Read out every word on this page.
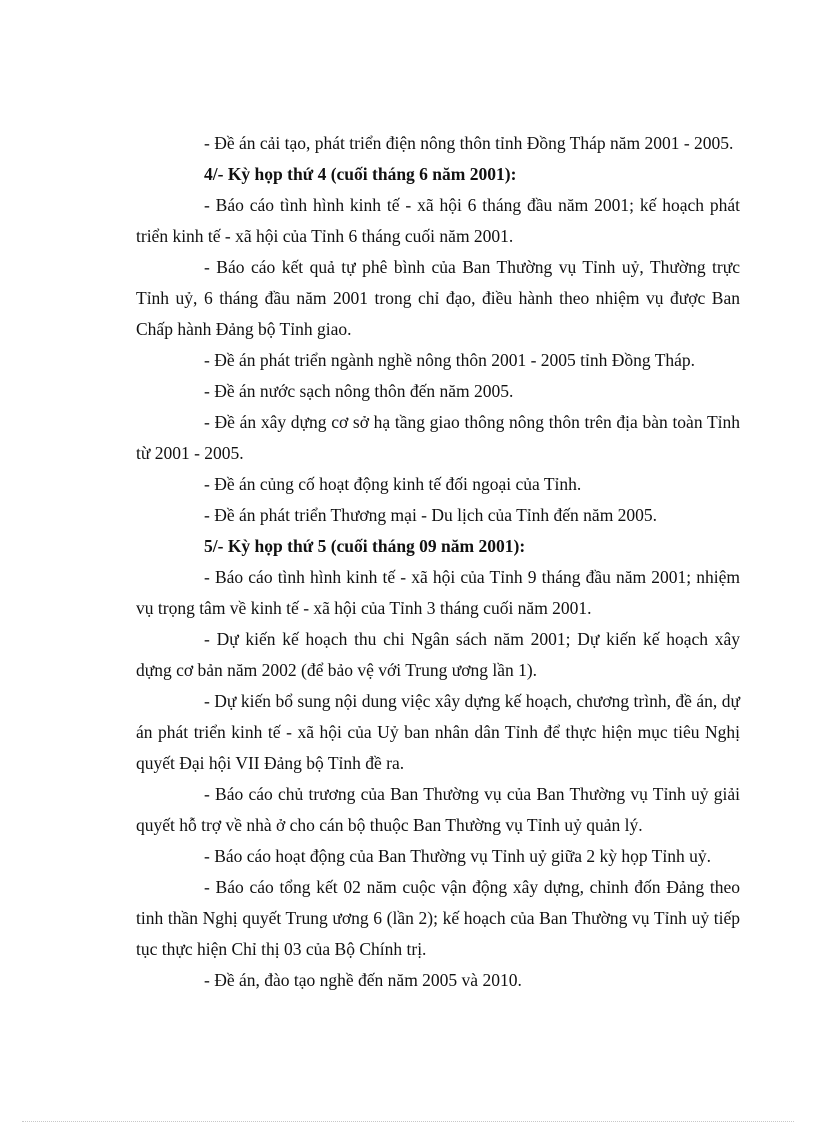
- Đề án cải tạo, phát triển điện nông thôn tỉnh Đồng Tháp năm 2001 - 2005.

4/- Kỳ họp thứ 4 (cuối tháng 6 năm 2001):

- Báo cáo tình hình kinh tế - xã hội 6 tháng đầu năm 2001; kế hoạch phát triển kinh tế - xã hội của Tỉnh 6 tháng cuối năm 2001.

- Báo cáo kết quả tự phê bình của Ban Thường vụ Tỉnh uỷ, Thường trực Tỉnh uỷ, 6 tháng đầu năm 2001 trong chỉ đạo, điều hành theo nhiệm vụ được Ban Chấp hành Đảng bộ Tỉnh giao.

- Đề án phát triển ngành nghề nông thôn 2001 - 2005 tỉnh Đồng Tháp.

- Đề án nước sạch nông thôn đến năm 2005.

- Đề án xây dựng cơ sở hạ tầng giao thông nông thôn trên địa bàn toàn Tỉnh từ 2001 - 2005.

- Đề án củng cố hoạt động kinh tế đối ngoại của Tỉnh.

- Đề án phát triển Thương mại - Du lịch của Tỉnh đến năm 2005.

5/- Kỳ họp thứ 5 (cuối tháng 09 năm 2001):

- Báo cáo tình hình kinh tế - xã hội của Tỉnh 9 tháng đầu năm 2001; nhiệm vụ trọng tâm về kinh tế - xã hội của Tỉnh 3 tháng cuối năm 2001.

- Dự kiến kế hoạch thu chi Ngân sách năm 2001; Dự kiến kế hoạch xây dựng cơ bản năm 2002 (để bảo vệ với Trung ương lần 1).

- Dự kiến bổ sung nội dung việc xây dựng kế hoạch, chương trình, đề án, dự án phát triển kinh tế - xã hội của Uỷ ban nhân dân Tỉnh để thực hiện mục tiêu Nghị quyết Đại hội VII Đảng bộ Tỉnh đề ra.

- Báo cáo chủ trương của Ban Thường vụ của Ban Thường vụ Tỉnh uỷ giải quyết hỗ trợ về nhà ở cho cán bộ thuộc Ban Thường vụ Tỉnh uỷ quản lý.

- Báo cáo hoạt động của Ban Thường vụ Tỉnh uỷ giữa 2 kỳ họp Tỉnh uỷ.

- Báo cáo tổng kết 02 năm cuộc vận động xây dựng, chỉnh đốn Đảng theo tinh thần Nghị quyết Trung ương 6 (lần 2); kế hoạch của Ban Thường vụ Tỉnh uỷ tiếp tục thực hiện Chỉ thị 03 của Bộ Chính trị.

- Đề án, đào tạo nghề đến năm 2005 và 2010.
